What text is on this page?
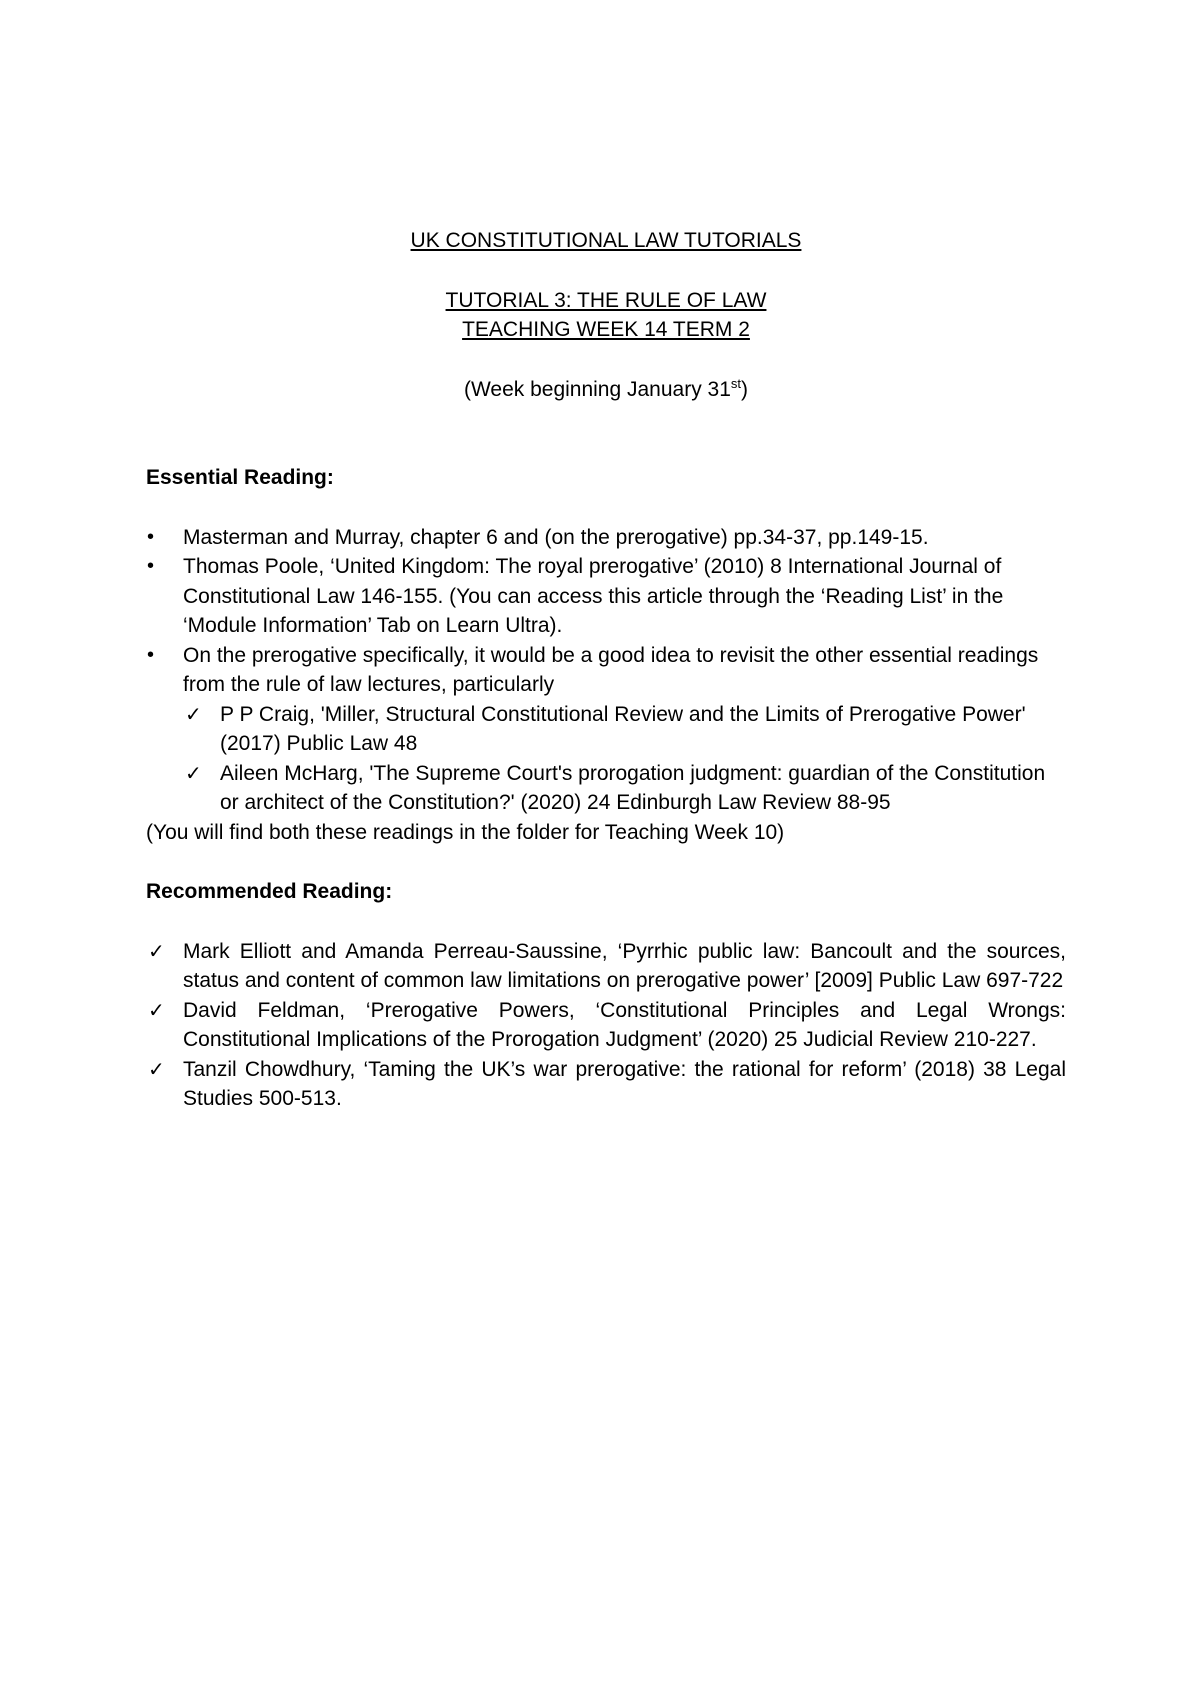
UK CONSTITUTIONAL LAW TUTORIALS

TUTORIAL 3: THE RULE OF LAW

TEACHING WEEK 14 TERM 2

(Week beginning January 31st)

Essential Reading:

•	Masterman and Murray, chapter 6 and (on the prerogative) pp.34-37, pp.149-15.
•	Thomas Poole, ‘United Kingdom: The royal prerogative’ (2010) 8 International Journal of Constitutional Law 146-155. (You can access this article through the ‘Reading List’ in the ‘Module Information’ Tab on Learn Ultra).
•	On the prerogative specifically, it would be a good idea to revisit the other essential readings from the rule of law lectures, particularly
✓ P P Craig, 'Miller, Structural Constitutional Review and the Limits of Prerogative Power' (2017) Public Law 48
✓ Aileen McHarg, 'The Supreme Court's prorogation judgment: guardian of the Constitution or architect of the Constitution?' (2020) 24 Edinburgh Law Review 88-95

(You will find both these readings in the folder for Teaching Week 10)

Recommended Reading:

✓ Mark Elliott and Amanda Perreau-Saussine, ‘Pyrrhic public law: Bancoult and the sources, status and content of common law limitations on prerogative power’ [2009] Public Law 697-722
✓ David Feldman, ‘Prerogative Powers, ‘Constitutional Principles and Legal Wrongs: Constitutional Implications of the Prorogation Judgment’ (2020) 25 Judicial Review 210-227.
✓ Tanzil Chowdhury, ‘Taming the UK’s war prerogative: the rational for reform’ (2018) 38 Legal Studies 500-513.
